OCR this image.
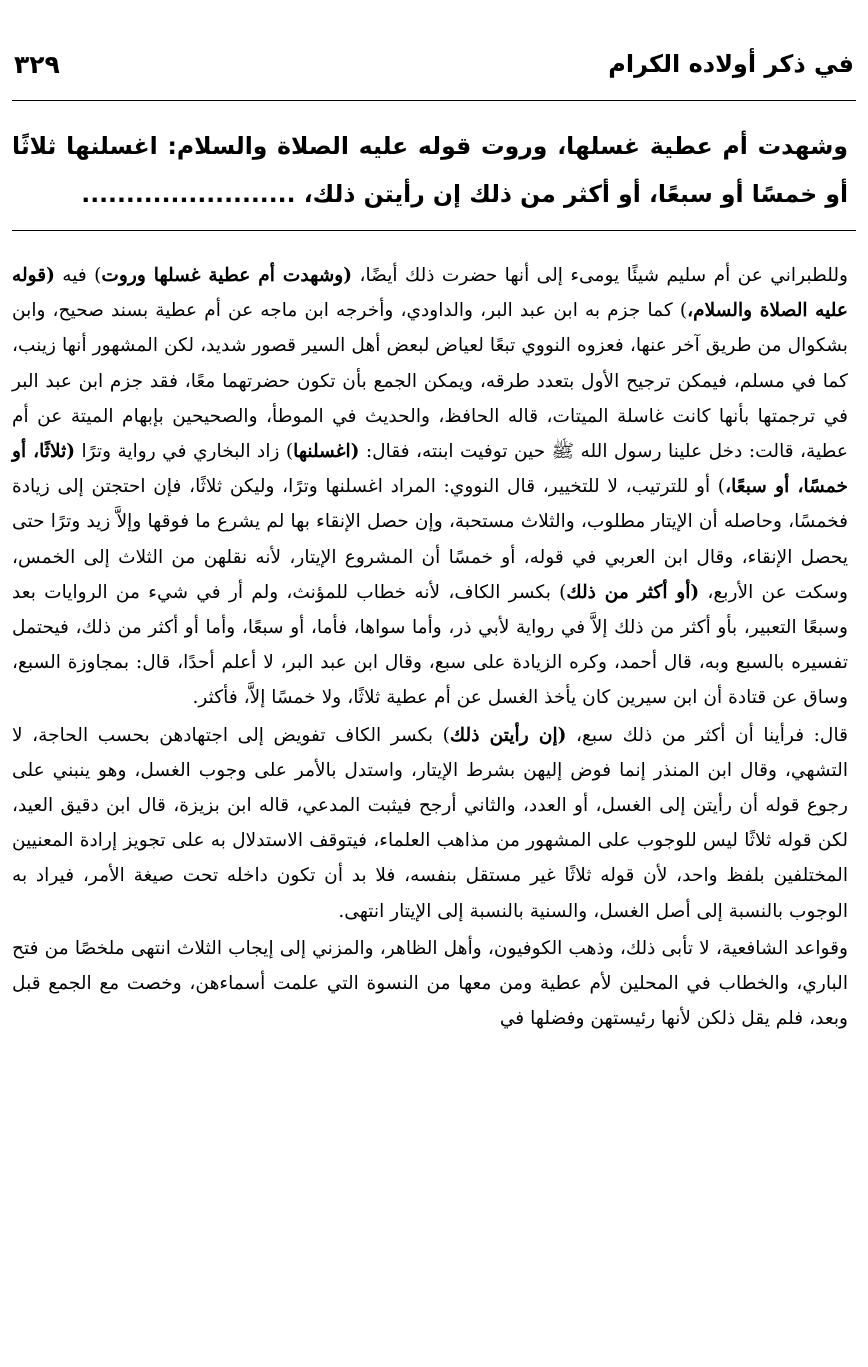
٣٢٩	في ذكر أولاده الكرام
وشهدت أم عطية غسلها، وروت قوله عليه الصلاة والسلام: اغسلنها ثلاثًا أو خمسًا أو سبعًا، أو أكثر من ذلك إن رأيتن ذلك، ........................

وللطبراني عن أم سليم شيئًا يومىء إلى أنها حضرت ذلك أيضًا، (وشهدت أم عطية غسلها وروت) فيه (قوله عليه الصلاة والسلام،) كما جزم به ابن عبد البر، والداودي، وأخرجه ابن ماجه عن أم عطية بسند صحيح، وابن بشكوال من طريق آخر عنها، فعزوه النووي تبعًا لعياض لبعض أهل السير قصور شديد، لكن المشهور أنها زينب، كما في مسلم، فيمكن ترجيح الأول بتعدد طرقه، ويمكن الجمع بأن تكون حضرتهما معًا، فقد جزم ابن عبد البر في ترجمتها بأنها كانت غاسلة الميتات، قاله الحافظ، والحديث في الموطأ، والصحيحين بإبهام الميتة عن أم عطية، قالت: دخل علينا رسول الله ﷺ حين توفيت ابنته، فقال: (اغسلنها) زاد البخاري في رواية وترًا (ثلاثًا، أو خمسًا، أو سبعًا،) أو للترتيب، لا للتخيير، قال النووي: المراد اغسلنها وترًا، وليكن ثلاثًا، فإن احتجتن إلى زيادة فخمسًا، وحاصله أن الإيتار مطلوب، والثلاث مستحبة، وإن حصل الإنقاء بها لم يشرع ما فوقها وإلاَّ زيد وترًا حتى يحصل الإنقاء، وقال ابن العربي في قوله، أو خمسًا أن المشروع الإيتار، لأنه نقلهن من الثلاث إلى الخمس، وسكت عن الأربع، (أو أكثر من ذلك) بكسر الكاف، لأنه خطاب للمؤنث، ولم أر في شيء من الروايات بعد وسبعًا التعبير، بأو أكثر من ذلك إلاَّ في رواية لأبي ذر، وأما سواها، فأما، أو سبعًا، وأما أو أكثر من ذلك، فيحتمل تفسيره بالسبع وبه، قال أحمد، وكره الزيادة على سبع، وقال ابن عبد البر، لا أعلم أحدًا، قال: بمجاوزة السبع، وساق عن قتادة أن ابن سيرين كان يأخذ الغسل عن أم عطية ثلاثًا، ولا خمسًا إلاَّ، فأكثر.

قال: فرأينا أن أكثر من ذلك سبع، (إن رأيتن ذلك) بكسر الكاف تفويض إلى اجتهادهن بحسب الحاجة، لا التشهي، وقال ابن المنذر إنما فوض إليهن بشرط الإيتار، واستدل بالأمر على وجوب الغسل، وهو ينبني على رجوع قوله أن رأيتن إلى الغسل، أو العدد، والثاني أرجح فيثبت المدعي، قاله ابن بزيزة، قال ابن دقيق العيد، لكن قوله ثلاثًا ليس للوجوب على المشهور من مذاهب العلماء، فيتوقف الاستدلال به على تجويز إرادة المعنيين المختلفين بلفظ واحد، لأن قوله ثلاثًا غير مستقل بنفسه، فلا بد أن تكون داخله تحت صيغة الأمر، فيراد به الوجوب بالنسبة إلى أصل الغسل، والسنية بالنسبة إلى الإيتار انتهى.

وقواعد الشافعية، لا تأبى ذلك، وذهب الكوفيون، وأهل الظاهر، والمزني إلى إيجاب الثلاث انتهى ملخصًا من فتح الباري، والخطاب في المحلين لأم عطية ومن معها من النسوة التي علمت أسماءهن، وخصت مع الجمع قبل وبعد، فلم يقل ذلكن لأنها رئيستهن وفضلها في
